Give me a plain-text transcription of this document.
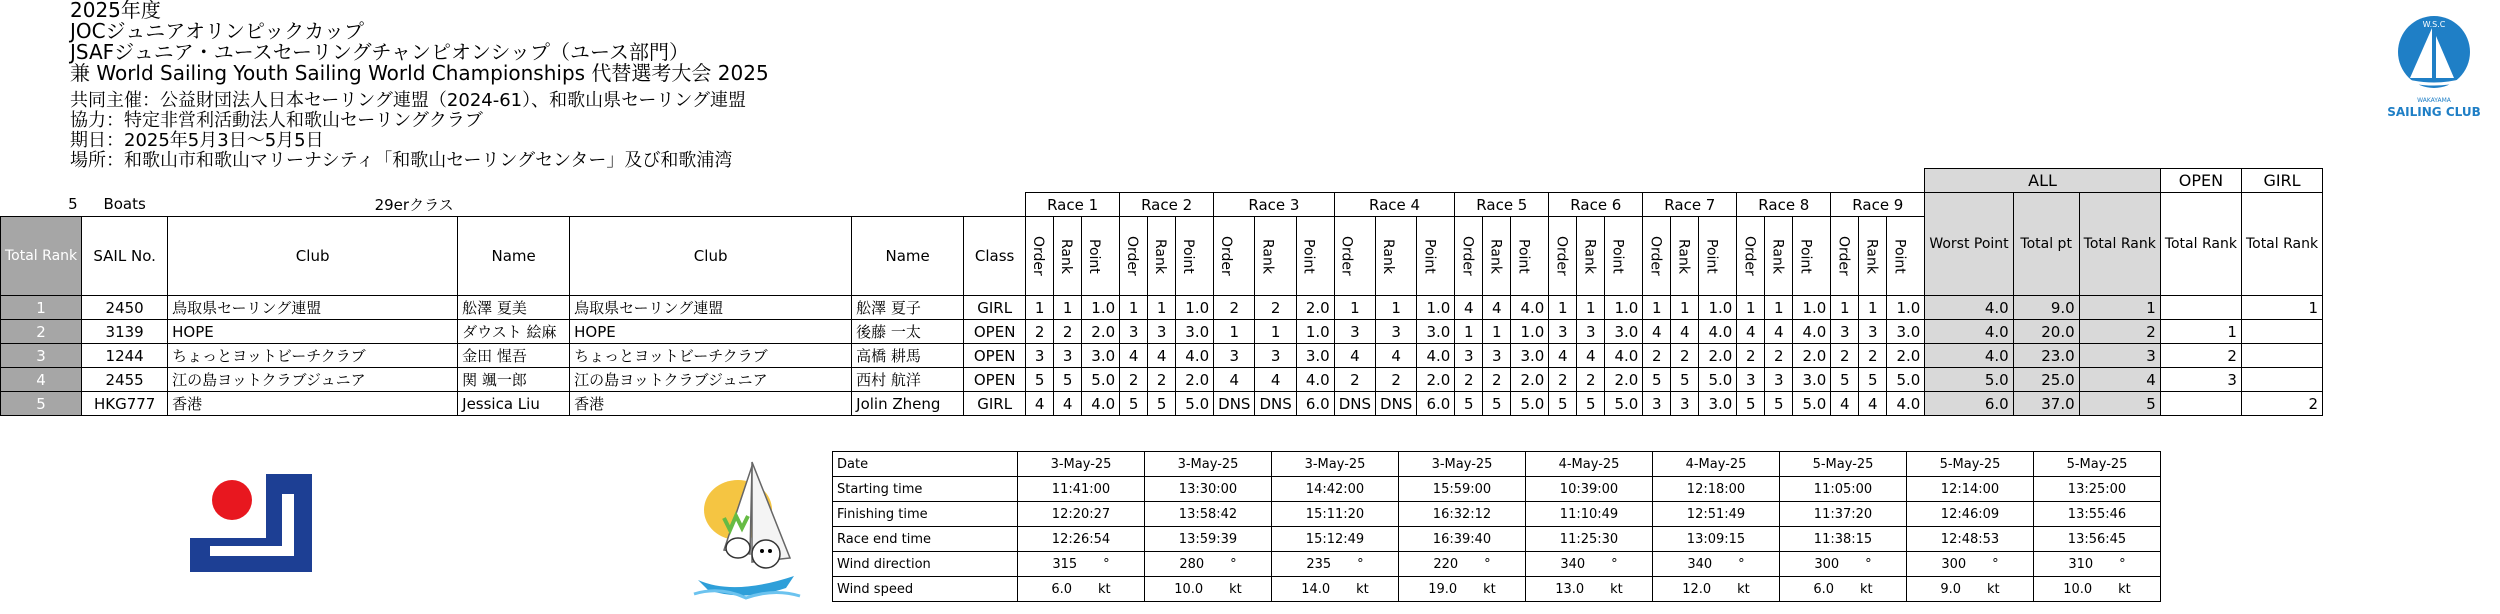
2025年度
JOCジュニアオリンピックカップ
JSAFジュニア・ユースセーリングチャンピオンシップ（ユース部門）
兼 World Sailing Youth Sailing World Championships 代替選考大会 2025
共同主催：公益財団法人日本セーリング連盟（2024-61）、和歌山県セーリング連盟
協力：特定非営利活動法人和歌山セーリングクラブ
期日：2025年5月3日～5月5日
場所：和歌山市和歌山マリーナシティ「和歌山セーリングセンター」及び和歌浦湾
W.S.C
WAKAYAMA
SAILING CLUB
																																		ALL			OPEN	GIRL
5	Boats	29erクラス					Race 1			Race 2			Race 3			Race 4			Race 5			Race 6			Race 7			Race 8			Race 9			Worst Point	Total pt	Total Rank	Total Rank	Total Rank
Total Rank	SAIL No.	Club	Name	Club	Name	Class	Order	Rank	Point	Order	Rank	Point	Order	Rank	Point	Order	Rank	Point	Order	Rank	Point	Order	Rank	Point	Order	Rank	Point	Order	Rank	Point	Order	Rank	Point					

1	2450	鳥取県セーリング連盟	舩澤 夏美	鳥取県セーリング連盟	舩澤 夏子	GIRL	1	1	1.0	1	1	1.0	2	2	2.0	1	1	1.0	4	4	4.0	1	1	1.0	1	1	1.0	1	1	1.0	1	1	1.0	4.0	9.0	1		1
2	3139	HOPE	ダウスト 絵麻	HOPE	後藤 一太	OPEN	2	2	2.0	3	3	3.0	1	1	1.0	3	3	3.0	1	1	1.0	3	3	3.0	4	4	4.0	4	4	4.0	3	3	3.0	4.0	20.0	2	1	
3	1244	ちょっとヨットビーチクラブ	金田 惺吾	ちょっとヨットビーチクラブ	高橋 耕馬	OPEN	3	3	3.0	4	4	4.0	3	3	3.0	4	4	4.0	3	3	3.0	4	4	4.0	2	2	2.0	2	2	2.0	2	2	2.0	4.0	23.0	3	2	
4	2455	江の島ヨットクラブジュニア	関 颯一郎	江の島ヨットクラブジュニア	西村 航洋	OPEN	5	5	5.0	2	2	2.0	4	4	4.0	2	2	2.0	2	2	2.0	2	2	2.0	5	5	5.0	3	3	3.0	5	5	5.0	5.0	25.0	4	3	
5	HKG777	香港	Jessica Liu	香港	Jolin Zheng	GIRL	4	4	4.0	5	5	5.0	DNS	DNS	6.0	DNS	DNS	6.0	5	5	5.0	5	5	5.0	3	3	3.0	5	5	5.0	4	4	4.0	6.0	37.0	5		2
Date	3-May-25	3-May-25	3-May-25	3-May-25	4-May-25	4-May-25	5-May-25	5-May-25	5-May-25
Starting time	11:41:00	13:30:00	14:42:00	15:59:00	10:39:00	12:18:00	11:05:00	12:14:00	13:25:00
Finishing time	12:20:27	13:58:42	15:11:20	16:32:12	11:10:49	12:51:49	11:37:20	12:46:09	13:55:46
Race end time	12:26:54	13:59:39	15:12:49	16:39:40	11:25:30	13:09:15	11:38:15	12:48:53	13:56:45
Wind direction	315 °	280 °	235 °	220 °	340 °	340 °	300 °	300 °	310 °
Wind speed	6.0 kt	10.0 kt	14.0 kt	19.0 kt	13.0 kt	12.0 kt	6.0 kt	9.0 kt	10.0 kt
